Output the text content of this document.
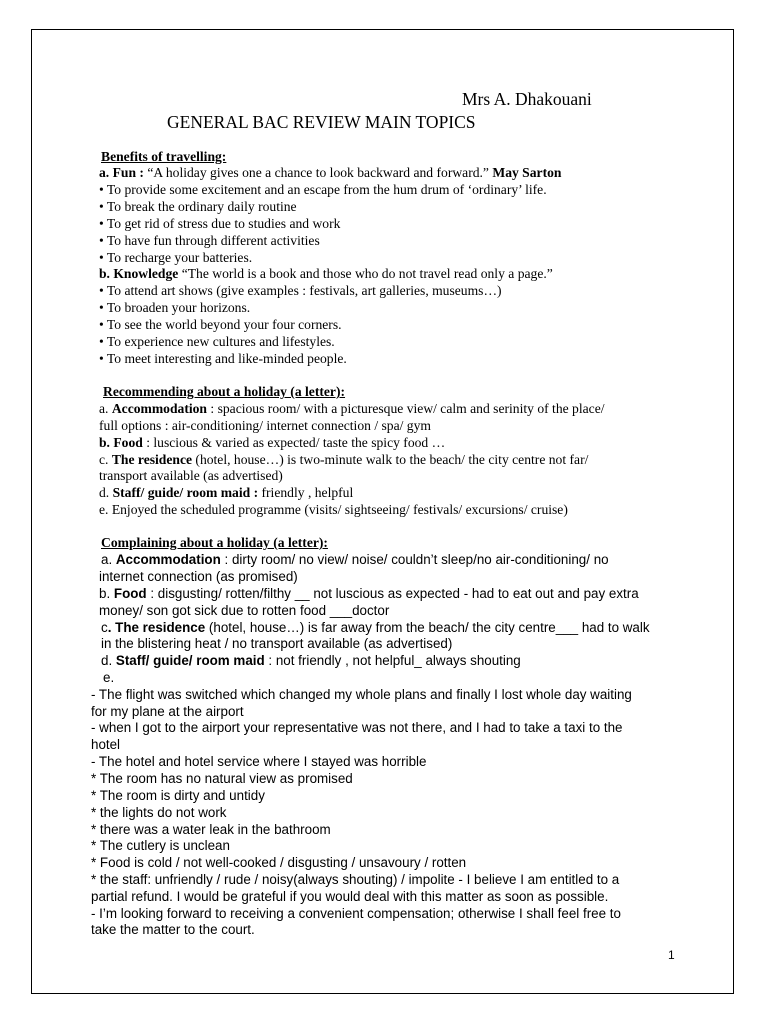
Mrs A. Dhakouani
GENERAL BAC REVIEW MAIN TOPICS
Benefits of travelling:
a. Fun : “A holiday gives one a chance to look backward and forward.” May Sarton
• To provide some excitement and an escape from the hum drum of ‘ordinary’ life.
• To break the ordinary daily routine
• To get rid of stress due to studies and work
• To have fun through different activities
• To recharge your batteries.
b. Knowledge “The world is a book and those who do not travel read only a page.”
• To attend art shows (give examples : festivals, art galleries, museums…)
• To broaden your horizons.
• To see the world beyond your four corners.
• To experience new cultures and lifestyles.
• To meet interesting and like-minded people.
Recommending about a holiday (a letter):
a. Accommodation : spacious room/ with a picturesque view/ calm and serinity of the place/
full options : air-conditioning/ internet connection / spa/ gym
b. Food : luscious & varied as expected/ taste the spicy food …
c. The residence (hotel, house…) is two-minute walk to the beach/ the city centre not far/
transport available (as advertised)
d. Staff/ guide/ room maid : friendly , helpful
e. Enjoyed the scheduled programme (visits/ sightseeing/ festivals/ excursions/ cruise)
Complaining about a holiday (a letter):
a. Accommodation : dirty room/ no view/ noise/ couldn’t sleep/no air-conditioning/ no
internet connection (as promised)
b. Food : disgusting/ rotten/filthy __ not luscious as expected - had to eat out and pay extra
money/ son got sick due to rotten food ___doctor
c. The residence (hotel, house…) is far away from the beach/ the city centre___ had to walk
in the blistering heat / no transport available (as advertised)
d. Staff/ guide/ room maid : not friendly , not helpful_ always shouting
e.
- The flight was switched which changed my whole plans and finally I lost whole day waiting
for my plane at the airport
- when I got to the airport your representative was not there, and I had to take a taxi to the
hotel
- The hotel and hotel service where I stayed was horrible
* The room has no natural view as promised
* The room is dirty and untidy
* the lights do not work
* there was a water leak in the bathroom
* The cutlery is unclean
* Food is cold / not well-cooked / disgusting / unsavoury / rotten
* the staff: unfriendly / rude / noisy(always shouting) / impolite - I believe I am entitled to a
partial refund. I would be grateful if you would deal with this matter as soon as possible.
- I’m looking forward to receiving a convenient compensation; otherwise I shall feel free to
take the matter to the court.
1
